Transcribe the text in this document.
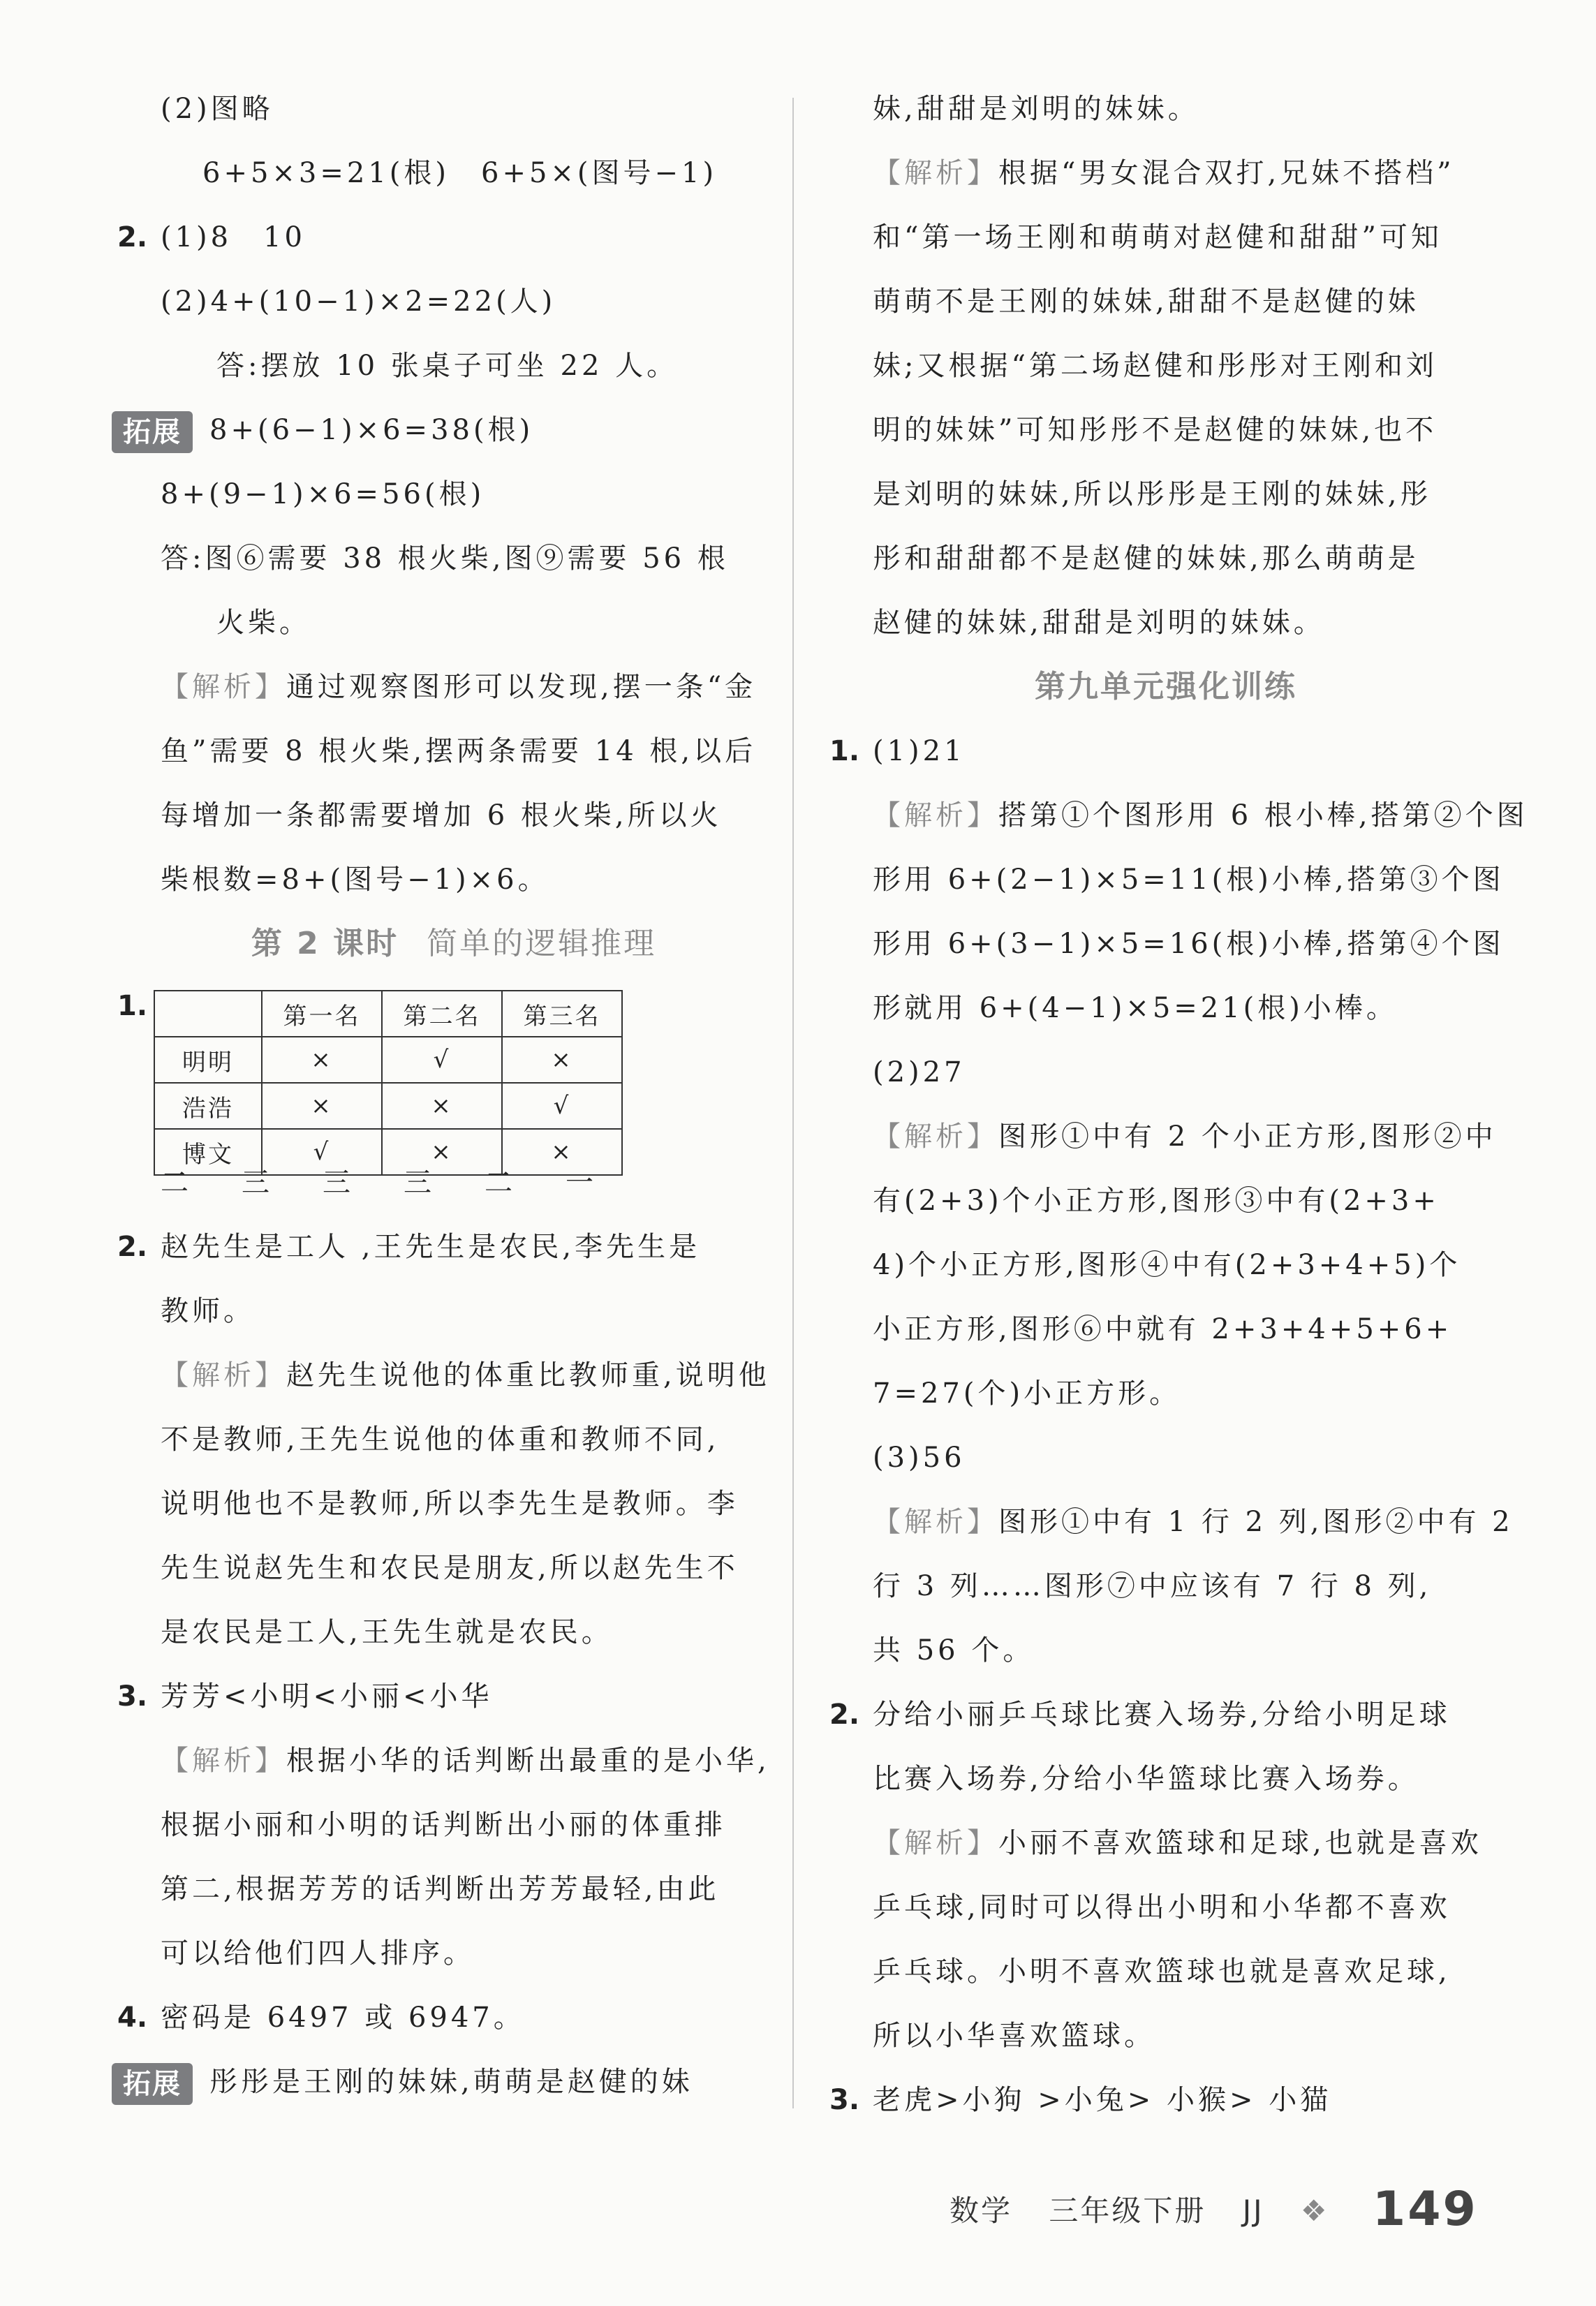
(2)图略
6+5×3=21(根)　6+5×(图号−1)
2. (1)8　10
(2)4+(10−1)×2=22(人)
答:摆放 10 张桌子可坐 22 人。
拓展 8+(6−1)×6=38(根)
8+(9−1)×6=56(根)
答:图⑥需要 38 根火柴,图⑨需要 56 根
火柴。
【解析】通过观察图形可以发现,摆一条“金
鱼”需要 8 根火柴,摆两条需要 14 根,以后
每增加一条都需要增加 6 根火柴,所以火
柴根数=8+(图号−1)×6。
第 2 课时 简单的逻辑推理
1.
		第一名	第二名	第三名
明明	×	√	×
浩浩	×	×	√
博文	√	×	×
二　三　三　三　二　一
2. 赵先生是工人 ,王先生是农民,李先生是
教师。
【解析】赵先生说他的体重比教师重,说明他
不是教师,王先生说他的体重和教师不同,
说明他也不是教师,所以李先生是教师。李
先生说赵先生和农民是朋友,所以赵先生不
是农民是工人,王先生就是农民。
3. 芳芳<小明<小丽<小华
【解析】根据小华的话判断出最重的是小华,
根据小丽和小明的话判断出小丽的体重排
第二,根据芳芳的话判断出芳芳最轻,由此
可以给他们四人排序。
4. 密码是 6497 或 6947。
拓展 彤彤是王刚的妹妹,萌萌是赵健的妹
妹,甜甜是刘明的妹妹。
【解析】根据“男女混合双打,兄妹不搭档”
和“第一场王刚和萌萌对赵健和甜甜”可知
萌萌不是王刚的妹妹,甜甜不是赵健的妹
妹;又根据“第二场赵健和彤彤对王刚和刘
明的妹妹”可知彤彤不是赵健的妹妹,也不
是刘明的妹妹,所以彤彤是王刚的妹妹,彤
彤和甜甜都不是赵健的妹妹,那么萌萌是
赵健的妹妹,甜甜是刘明的妹妹。
第九单元强化训练
1. (1)21
【解析】搭第①个图形用 6 根小棒,搭第②个图
形用 6+(2−1)×5=11(根)小棒,搭第③个图
形用 6+(3−1)×5=16(根)小棒,搭第④个图
形就用 6+(4−1)×5=21(根)小棒。
(2)27
【解析】图形①中有 2 个小正方形,图形②中
有(2+3)个小正方形,图形③中有(2+3+
4)个小正方形,图形④中有(2+3+4+5)个
小正方形,图形⑥中就有 2+3+4+5+6+
7=27(个)小正方形。
(3)56
【解析】图形①中有 1 行 2 列,图形②中有 2
行 3 列……图形⑦中应该有 7 行 8 列,
共 56 个。
2. 分给小丽乒乓球比赛入场券,分给小明足球
比赛入场券,分给小华篮球比赛入场券。
【解析】小丽不喜欢篮球和足球,也就是喜欢
乒乓球,同时可以得出小明和小华都不喜欢
乒乓球。小明不喜欢篮球也就是喜欢足球,
所以小华喜欢篮球。
3. 老虎>小狗 >小兔> 小猴> 小猫
数学 三年级下册 JJ ❖ 149
